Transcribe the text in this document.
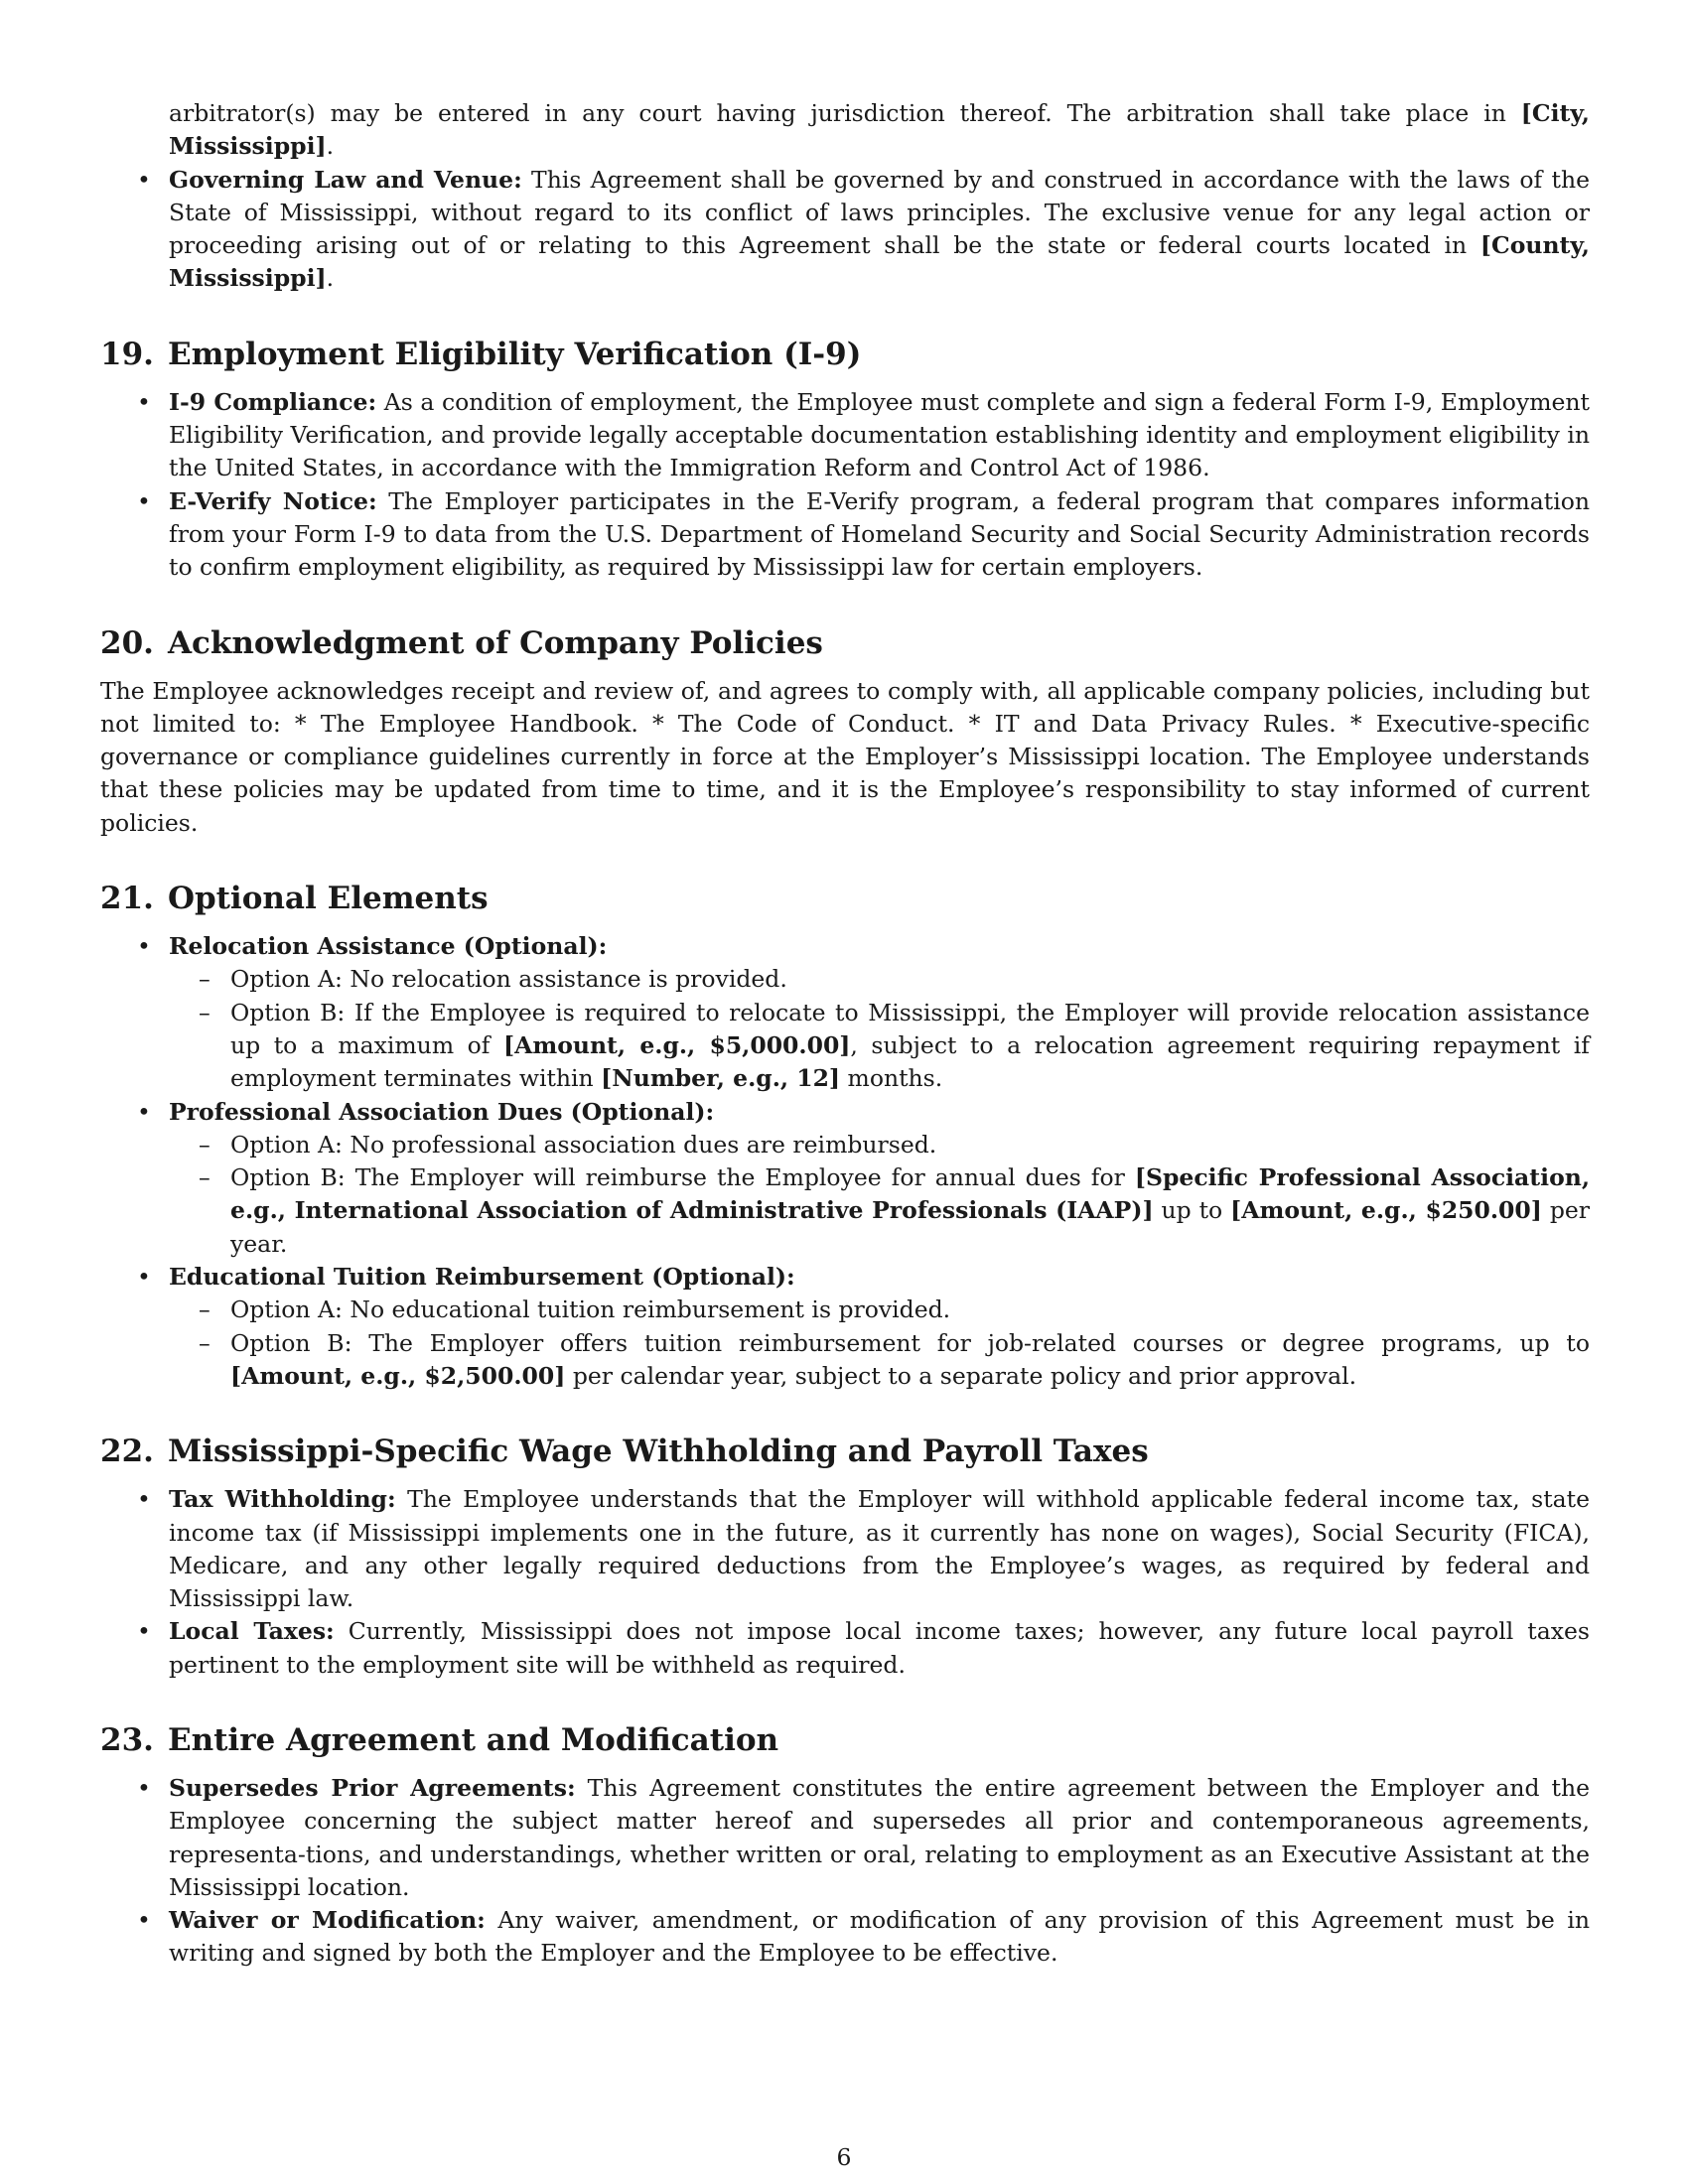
arbitrator(s) may be entered in any court having jurisdiction thereof. The arbitration shall take place in [City, Mississippi].

• Governing Law and Venue: This Agreement shall be governed by and construed in accordance with the laws of the State of Mississippi, without regard to its conflict of laws principles. The exclusive venue for any legal action or proceeding arising out of or relating to this Agreement shall be the state or federal courts located in [County, Mississippi].
19. Employment Eligibility Verification (I-9)
• I-9 Compliance: As a condition of employment, the Employee must complete and sign a federal Form I-9, Employment Eligibility Verification, and provide legally acceptable documentation establishing identity and employment eligibility in the United States, in accordance with the Immigration Reform and Control Act of 1986.
• E-Verify Notice: The Employer participates in the E-Verify program, a federal program that compares information from your Form I-9 to data from the U.S. Department of Homeland Security and Social Security Administration records to confirm employment eligibility, as required by Mississippi law for certain employers.
20. Acknowledgment of Company Policies

The Employee acknowledges receipt and review of, and agrees to comply with, all applicable company policies, including but not limited to: * The Employee Handbook. * The Code of Conduct. * IT and Data Privacy Rules. * Executive-specific governance or compliance guidelines currently in force at the Employer’s Mississippi location. The Employee understands that these policies may be updated from time to time, and it is the Employee’s responsibility to stay informed of current policies.

21. Optional Elements
• Relocation Assistance (Optional):
– Option A: No relocation assistance is provided.
– Option B: If the Employee is required to relocate to Mississippi, the Employer will provide relocation assistance up to a maximum of [Amount, e.g., $5,000.00], subject to a relocation agreement requiring repayment if employment terminates within [Number, e.g., 12] months.
• Professional Association Dues (Optional):
– Option A: No professional association dues are reimbursed.
– Option B: The Employer will reimburse the Employee for annual dues for [Specific Professional Association, e.g., International Association of Administrative Professionals (IAAP)] up to [Amount, e.g., $250.00] per year.
• Educational Tuition Reimbursement (Optional):
– Option A: No educational tuition reimbursement is provided.
– Option B: The Employer offers tuition reimbursement for job-related courses or degree programs, up to [Amount, e.g., $2,500.00] per calendar year, subject to a separate policy and prior approval.
22. Mississippi-Specific Wage Withholding and Payroll Taxes
• Tax Withholding: The Employee understands that the Employer will withhold applicable federal income tax, state income tax (if Mississippi implements one in the future, as it currently has none on wages), Social Security (FICA), Medicare, and any other legally required deductions from the Employee’s wages, as required by federal and Mississippi law.
• Local Taxes: Currently, Mississippi does not impose local income taxes; however, any future local payroll taxes pertinent to the employment site will be withheld as required.
23. Entire Agreement and Modification
• Supersedes Prior Agreements: This Agreement constitutes the entire agreement between the Employer and the Employee concerning the subject matter hereof and supersedes all prior and contemporaneous agreements, representa-tions, and understandings, whether written or oral, relating to employment as an Executive Assistant at the Mississippi location.
• Waiver or Modification: Any waiver, amendment, or modification of any provision of this Agreement must be in writing and signed by both the Employer and the Employee to be effective.
6
